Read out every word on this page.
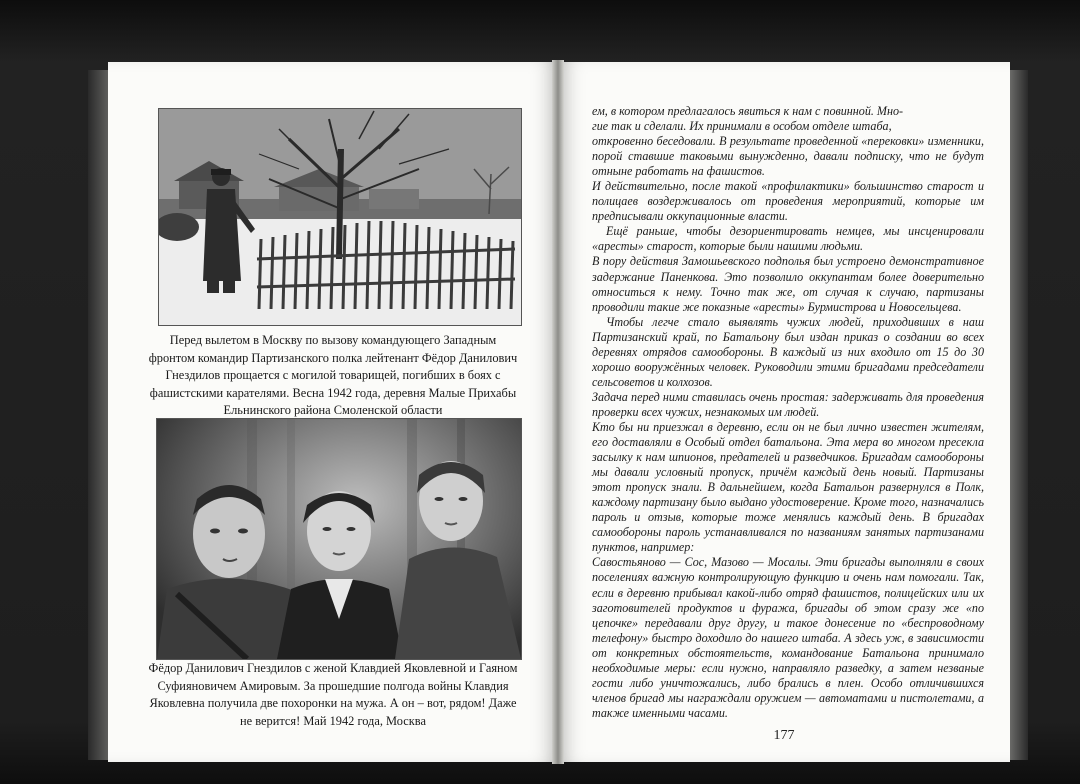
Перед вылетом в Москву по вызову командующего Западным фронтом командир Партизанского полка лейтенант Фёдор Данилович Гнездилов прощается с могилой товарищей, погибших в боях с фашистскими карателями. Весна 1942 года, деревня Малые Прихабы Ельнинского района Смоленской области
Фёдор Данилович Гнездилов с женой Клавдией Яковлевной и Гаяном Суфияновичем Амировым. За прошедшие полгода войны Клавдия Яковлевна получила две похоронки на мужа. А он – вот, рядом! Даже не верится! Май 1942 года, Москва
ем, в котором предлагалось явиться к нам с повинной. Мно-
гие так и сделали. Их принимали в особом отделе штаба,
откровенно беседовали. В результате проведенной «перековки» изменники, порой ставшие таковыми вынужденно, давали подписку, что не будут отныне работать на фашистов.
И действительно, после такой «профилактики» большинство старост и полицаев воздерживалось от проведения мероприятий, которые им предписывали оккупационные власти.
Ещё раньше, чтобы дезориентировать немцев, мы инсценировали «аресты» старост, которые были нашими людьми.
В пору действия Замошьевского подполья был устроено демонстративное задержание Паненкова. Это позволило оккупантам более доверительно относиться к нему. Точно так же, от случая к случаю, партизаны проводили такие же показные «аресты» Бурмистрова и Новосельцева.
Чтобы легче стало выявлять чужих людей, приходивших в наш Партизанский край, по Батальону был издан приказ о создании во всех деревнях отрядов самообороны. В каждый из них входило от 15 до 30 хорошо вооружённых человек. Руководили этими бригадами председатели сельсоветов и колхозов.
Задача перед ними ставилась очень простая: задерживать для проведения проверки всех чужих, незнакомых им людей.
Кто бы ни приезжал в деревню, если он не был лично известен жителям, его доставляли в Особый отдел батальона. Эта мера во многом пресекла засылку к нам шпионов, предателей и разведчиков. Бригадам самообороны мы давали условный пропуск, причём каждый день новый. Партизаны этот пропуск знали. В дальнейшем, когда Батальон развернулся в Полк, каждому партизану было выдано удостоверение. Кроме того, назначались пароль и отзыв, которые тоже менялись каждый день. В бригадах самообороны пароль устанавливался по названиям занятых партизанами пунктов, например:
Савостьяново — Сос, Мазово — Мосалы. Эти бригады выполняли в своих поселениях важную контролирующую функцию и очень нам помогали. Так, если в деревню прибывал какой-либо отряд фашистов, полицейских или их заготовителей продуктов и фуража, бригады об этом сразу же «по цепочке» передавали друг другу, и такое донесение по «беспроводному телефону» быстро доходило до нашего штаба. А здесь уж, в зависимости от конкретных обстоятельств, командование Батальона принимало необходимые меры: если нужно, направляло разведку, а затем незваные гости либо уничтожались, либо брались в плен. Особо отличившихся членов бригад мы награждали оружием — автоматами и пистолетами, а также именными часами.
177
